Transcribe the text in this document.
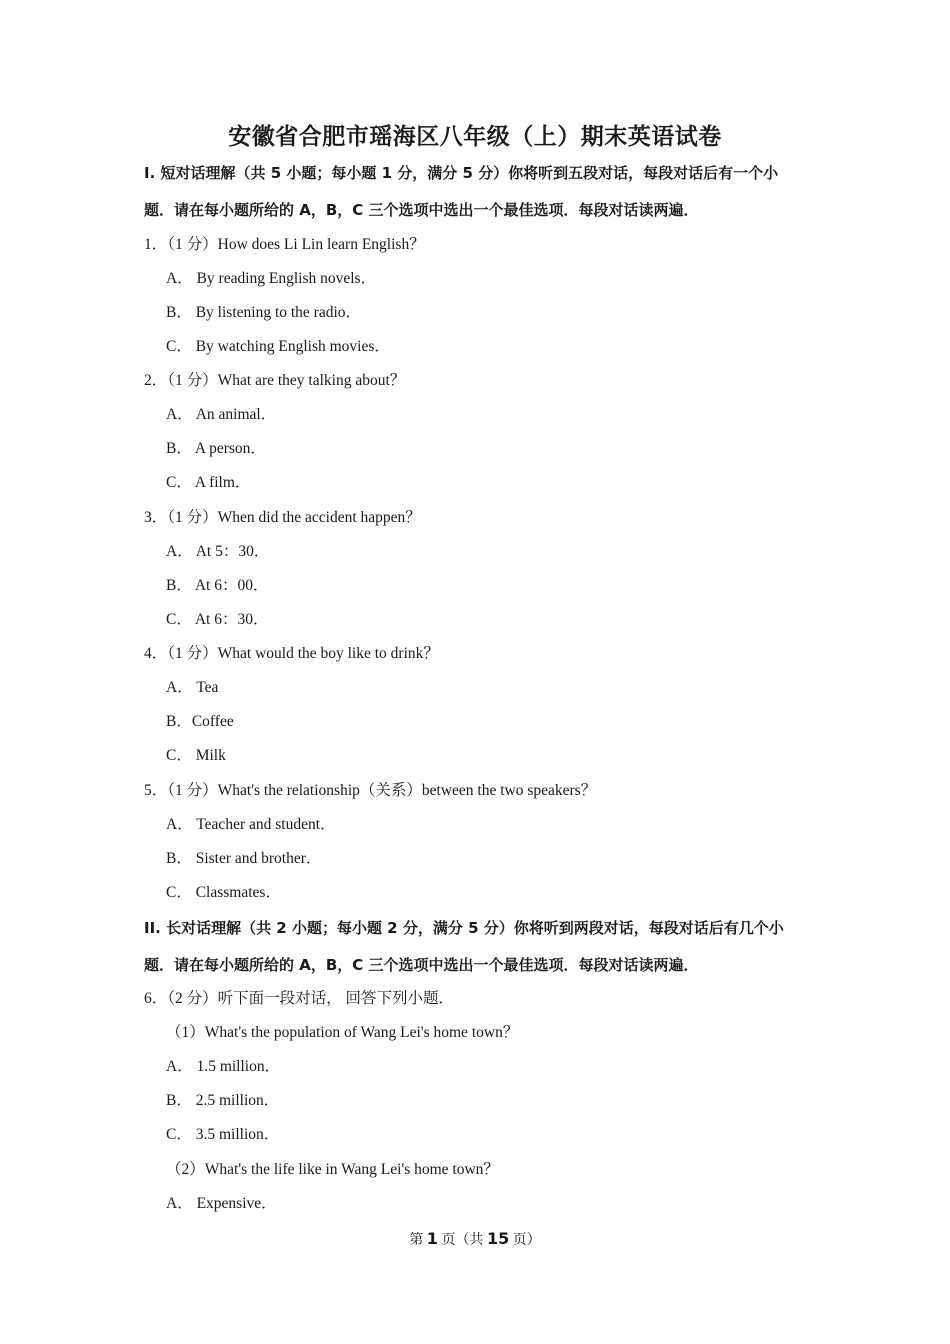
安徽省合肥市瑶海区八年级（上）期末英语试卷
I. 短对话理解（共 5 小题；每小题 1 分，满分 5 分）你将听到五段对话，每段对话后有一个小
题．请在每小题所给的 A，B，C 三个选项中选出一个最佳选项．每段对话读两遍．
1．（1 分）How does Li Lin learn English？
A． By reading English novels．
B． By listening to the radio．
C． By watching English movies．
2．（1 分）What are they talking about？
A． An animal．
B． A person．
C． A film．
3．（1 分）When did the accident happen？
A． At 5：30．
B． At 6：00．
C． At 6：30．
4．（1 分）What would the boy like to drink？
A． Tea
B．Coffee
C． Milk
5．（1 分）What's the relationship（关系）between the two speakers？
A． Teacher and student．
B． Sister and brother．
C． Classmates．
II. 长对话理解（共 2 小题；每小题 2 分，满分 5 分）你将听到两段对话，每段对话后有几个小
题．请在每小题所给的 A，B，C 三个选项中选出一个最佳选项．每段对话读两遍．
6．（2 分）听下面一段对话， 回答下列小题．
（1）What's the population of Wang Lei's home town？
A． 1.5 million．
B． 2.5 million．
C． 3.5 million．
（2）What's the life like in Wang Lei's home town？
A． Expensive．
第 1 页（共 15 页）
